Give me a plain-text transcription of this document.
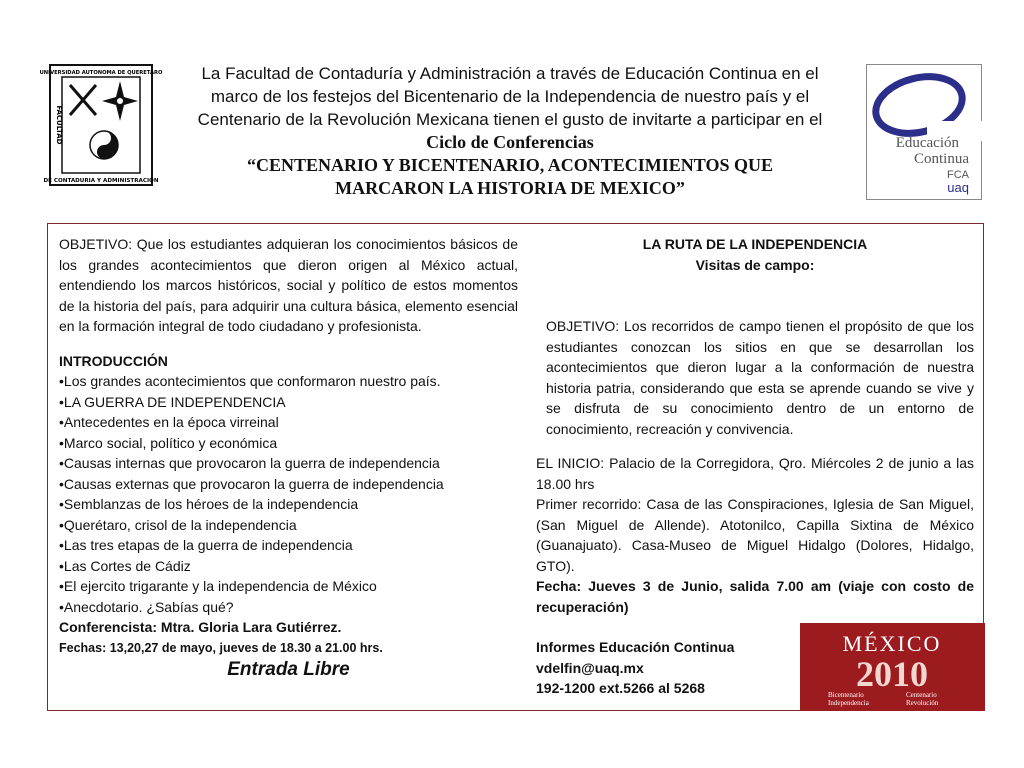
UNIVERSIDAD AUTONOMA DE QUERETARO
FACULTAD
DE CONTADURIA Y ADMINISTRACION

La Facultad de Contaduría y Administración a través de Educación Continua en el

marco de los festejos del Bicentenario de la Independencia de nuestro país y el

Centenario de la Revolución Mexicana tienen el gusto de invitarte a participar en el

Ciclo de Conferencias

“CENTENARIO Y BICENTENARIO, ACONTECIMIENTOS QUE

MARCARON LA HISTORIA DE MEXICO”

Educación
Continua
FCA
uaq

OBJETIVO: Que los estudiantes adquieran los conocimientos básicos de los grandes acontecimientos que dieron origen al México actual, entendiendo los marcos históricos, social y político de estos momentos de la historia del país, para adquirir una cultura básica, elemento esencial en la formación integral de todo ciudadano y profesionista.

INTRODUCCIÓN
•Los grandes acontecimientos que conformaron nuestro país.
•LA GUERRA DE INDEPENDENCIA
•Antecedentes en la época virreinal
•Marco social, político y económica
•Causas internas que provocaron la guerra de independencia
•Causas externas que provocaron la guerra de independencia
•Semblanzas de los héroes de la independencia
•Querétaro, crisol de la independencia
•Las tres etapas de la guerra de independencia
•Las Cortes de Cádiz
•El ejercito trigarante y la independencia de México
•Anecdotario. ¿Sabías qué?
Conferencista: Mtra. Gloria Lara Gutiérrez.
Fechas: 13,20,27 de mayo, jueves de 18.30 a 21.00 hrs.
Entrada Libre
LA RUTA DE LA INDEPENDENCIA
Visitas de campo:

OBJETIVO: Los recorridos de campo tienen el propósito de que los estudiantes conozcan los sitios en que se desarrollan los acontecimientos que dieron lugar a la conformación de nuestra historia patria, considerando que esta se aprende cuando se vive y se disfruta de su conocimiento dentro de un entorno de conocimiento, recreación y convivencia.

EL INICIO: Palacio de la Corregidora, Qro. Miércoles 2 de junio a las 18.00 hrs

Primer recorrido: Casa de las Conspiraciones, Iglesia de San Miguel, (San Miguel de Allende). Atotonilco, Capilla Sixtina de México (Guanajuato). Casa-Museo de Miguel Hidalgo (Dolores, Hidalgo, GTO).

Fecha: Jueves 3 de Junio, salida 7.00 am (viaje con costo de recuperación)

Informes Educación Continua
vdelfin@uaq.mx
192-1200 ext.5266 al 5268
MÉXICO
2010
Bicentenario
Independencia
Centenario
Revolución
